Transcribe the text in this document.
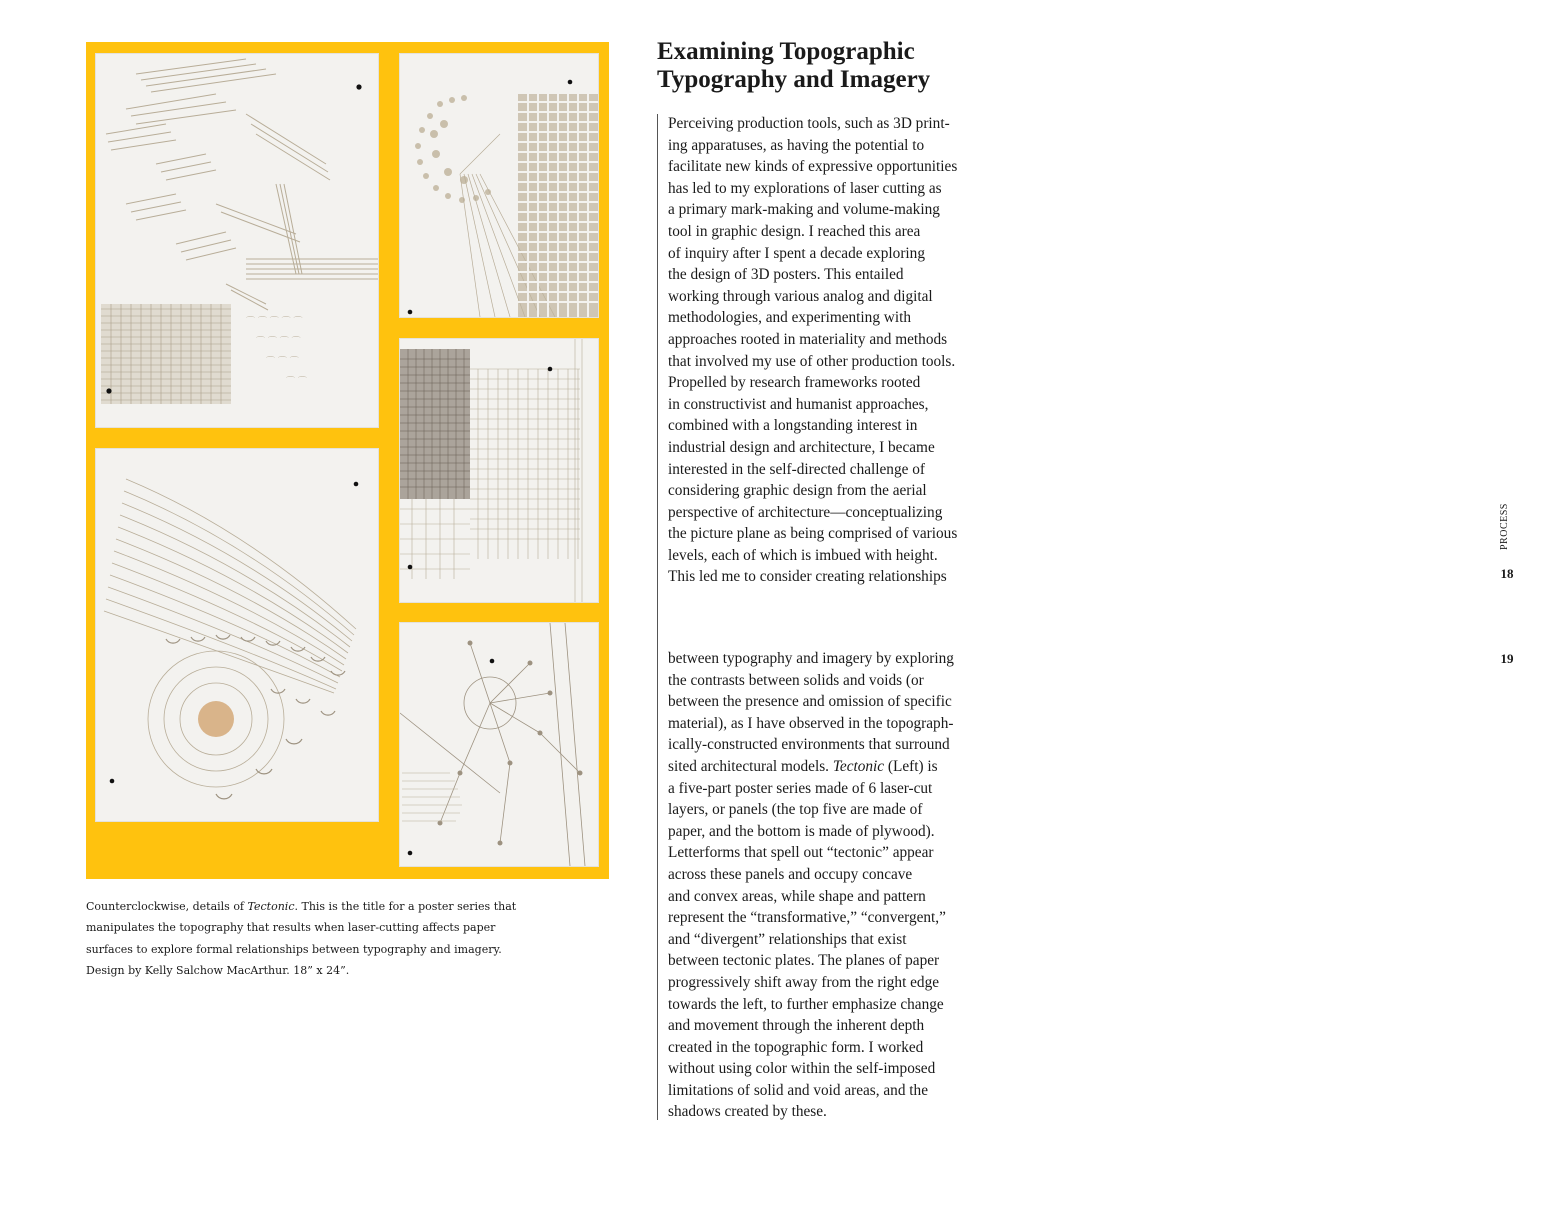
⌒ ⌒ ⌒ ⌒ ⌒
⌒ ⌒ ⌒ ⌒
⌒ ⌒ ⌒
⌒ ⌒

Counterclockwise, details of Tectonic. This is the title for a poster series that manipulates the topography that results when laser-cutting affects paper surfaces to explore formal relationships between typography and imagery. Design by Kelly Salchow MacArthur. 18” x 24”.

Examining Topographic
Typography and Imagery
Perceiving production tools, such as 3D print-
ing apparatuses, as having the potential to
facilitate new kinds of expressive opportunities
has led to my explorations of laser cutting as
a primary mark-making and volume-making
tool in graphic design. I reached this area
of inquiry after I spent a decade exploring
the design of 3D posters. This entailed
working through various analog and digital
methodologies, and experimenting with
approaches rooted in materiality and methods
that involved my use of other production tools.
Propelled by research frameworks rooted
in constructivist and humanist approaches,
combined with a longstanding interest in
industrial design and architecture, I became
interested in the self-directed challenge of
considering graphic design from the aerial
perspective of architecture—conceptualizing
the picture plane as being comprised of various
levels, each of which is imbued with height.
This led me to consider creating relationships
between typography and imagery by exploring
the contrasts between solids and voids (or
between the presence and omission of specific
material), as I have observed in the topograph-
ically-constructed environments that surround
sited architectural models. Tectonic (Left) is
a five-part poster series made of 6 laser-cut
layers, or panels (the top five are made of
paper, and the bottom is made of plywood).
Letterforms that spell out “tectonic” appear
across these panels and occupy concave
and convex areas, while shape and pattern
represent the “transformative,” “convergent,”
and “divergent” relationships that exist
between tectonic plates. The planes of paper
progressively shift away from the right edge
towards the left, to further emphasize change
and movement through the inherent depth
created in the topographic form. I worked
without using color within the self-imposed
limitations of solid and void areas, and the
shadows created by these.

PROCESS

18

19
